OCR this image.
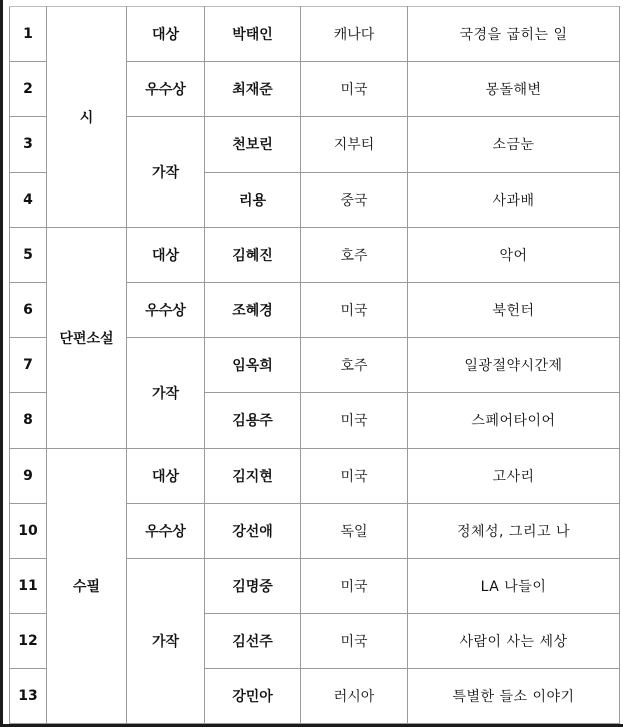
1	시	대상	박태인	캐나다	국경을 굽히는 일
2		우수상	최재준	미국	몽돌해변
3		가작	천보린	지부티	소금눈
4			리용	중국	사과배
5	단편소설	대상	김혜진	호주	악어
6		우수상	조혜경	미국	북헌터
7		가작	임옥희	호주	일광절약시간제
8			김용주	미국	스페어타이어
9	수필	대상	김지현	미국	고사리
10		우수상	강선애	독일	정체성, 그리고 나
11		가작	김명중	미국	LA 나들이
12			김선주	미국	사람이 사는 세상
13			강민아	러시아	특별한 들소 이야기
